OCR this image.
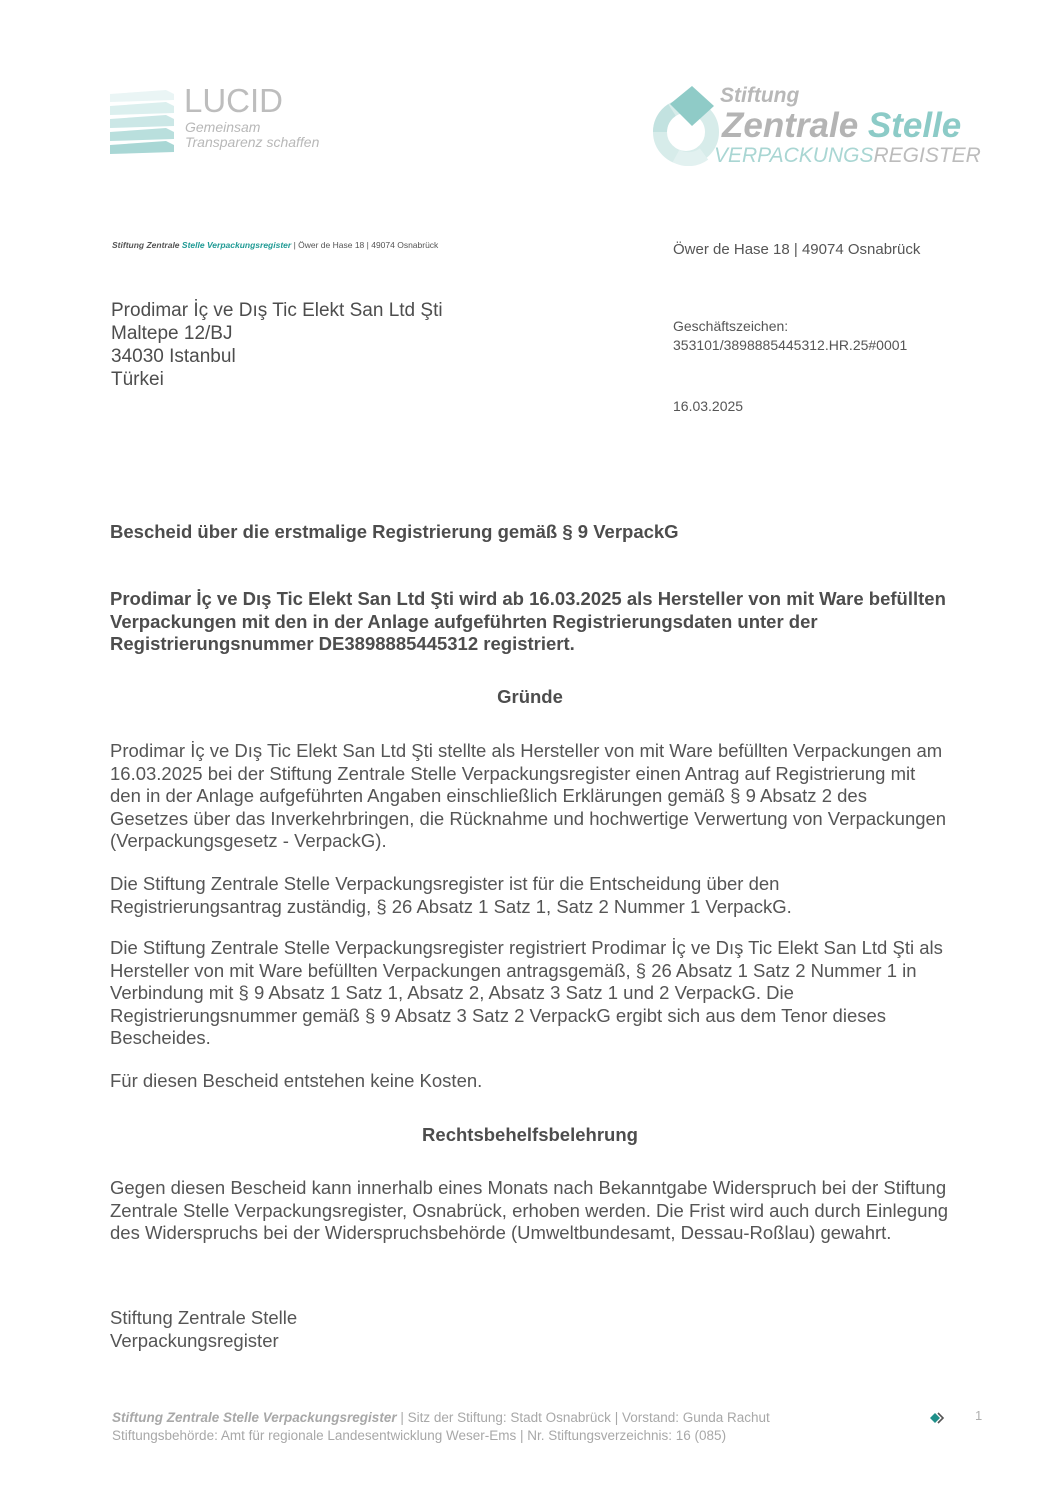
LUCID
Gemeinsam
Transparenz schaffen
Stiftung
Zentrale Stelle
VERPACKUNGSREGISTER
Stiftung Zentrale Stelle Verpackungsregister | Öwer de Hase 18 | 49074 Osnabrück	Öwer de Hase 18 | 49074 Osnabrück
Geschäftszeichen:
353101/3898885445312.HR.25#0001
16.03.2025
Prodimar İç ve Dış Tic Elekt San Ltd Şti
Maltepe 12/BJ
34030 Istanbul
Türkei
Bescheid über die erstmalige Registrierung gemäß § 9 VerpackG
Prodimar İç ve Dış Tic Elekt San Ltd Şti wird ab 16.03.2025 als Hersteller von mit Ware befüllten Verpackungen mit den in der Anlage aufgeführten Registrierungsdaten unter der Registrierungsnummer DE3898885445312 registriert.
Gründe
Prodimar İç ve Dış Tic Elekt San Ltd Şti stellte als Hersteller von mit Ware befüllten Verpackungen am 16.03.2025 bei der Stiftung Zentrale Stelle Verpackungsregister einen Antrag auf Registrierung mit den in der Anlage aufgeführten Angaben einschließlich Erklärungen gemäß § 9 Absatz 2 des Gesetzes über das Inverkehrbringen, die Rücknahme und hochwertige Verwertung von Verpackungen (Verpackungsgesetz - VerpackG).
Die Stiftung Zentrale Stelle Verpackungsregister ist für die Entscheidung über den Registrierungsantrag zuständig, § 26 Absatz 1 Satz 1, Satz 2 Nummer 1 VerpackG.
Die Stiftung Zentrale Stelle Verpackungsregister registriert Prodimar İç ve Dış Tic Elekt San Ltd Şti als Hersteller von mit Ware befüllten Verpackungen antragsgemäß, § 26 Absatz 1 Satz 2 Nummer 1 in Verbindung mit § 9 Absatz 1 Satz 1, Absatz 2, Absatz 3 Satz 1 und 2 VerpackG. Die Registrierungsnummer gemäß § 9 Absatz 3 Satz 2 VerpackG ergibt sich aus dem Tenor dieses Bescheides.
Für diesen Bescheid entstehen keine Kosten.
Rechtsbehelfsbelehrung
Gegen diesen Bescheid kann innerhalb eines Monats nach Bekanntgabe Widerspruch bei der Stiftung Zentrale Stelle Verpackungsregister, Osnabrück, erhoben werden. Die Frist wird auch durch Einlegung des Widerspruchs bei der Widerspruchsbehörde (Umweltbundesamt, Dessau-Roßlau) gewahrt.
Stiftung Zentrale Stelle
Verpackungsregister
Stiftung Zentrale Stelle Verpackungsregister | Sitz der Stiftung: Stadt Osnabrück | Vorstand: Gunda Rachut
Stiftungsbehörde: Amt für regionale Landesentwicklung Weser-Ems | Nr. Stiftungsverzeichnis: 16 (085)
1
